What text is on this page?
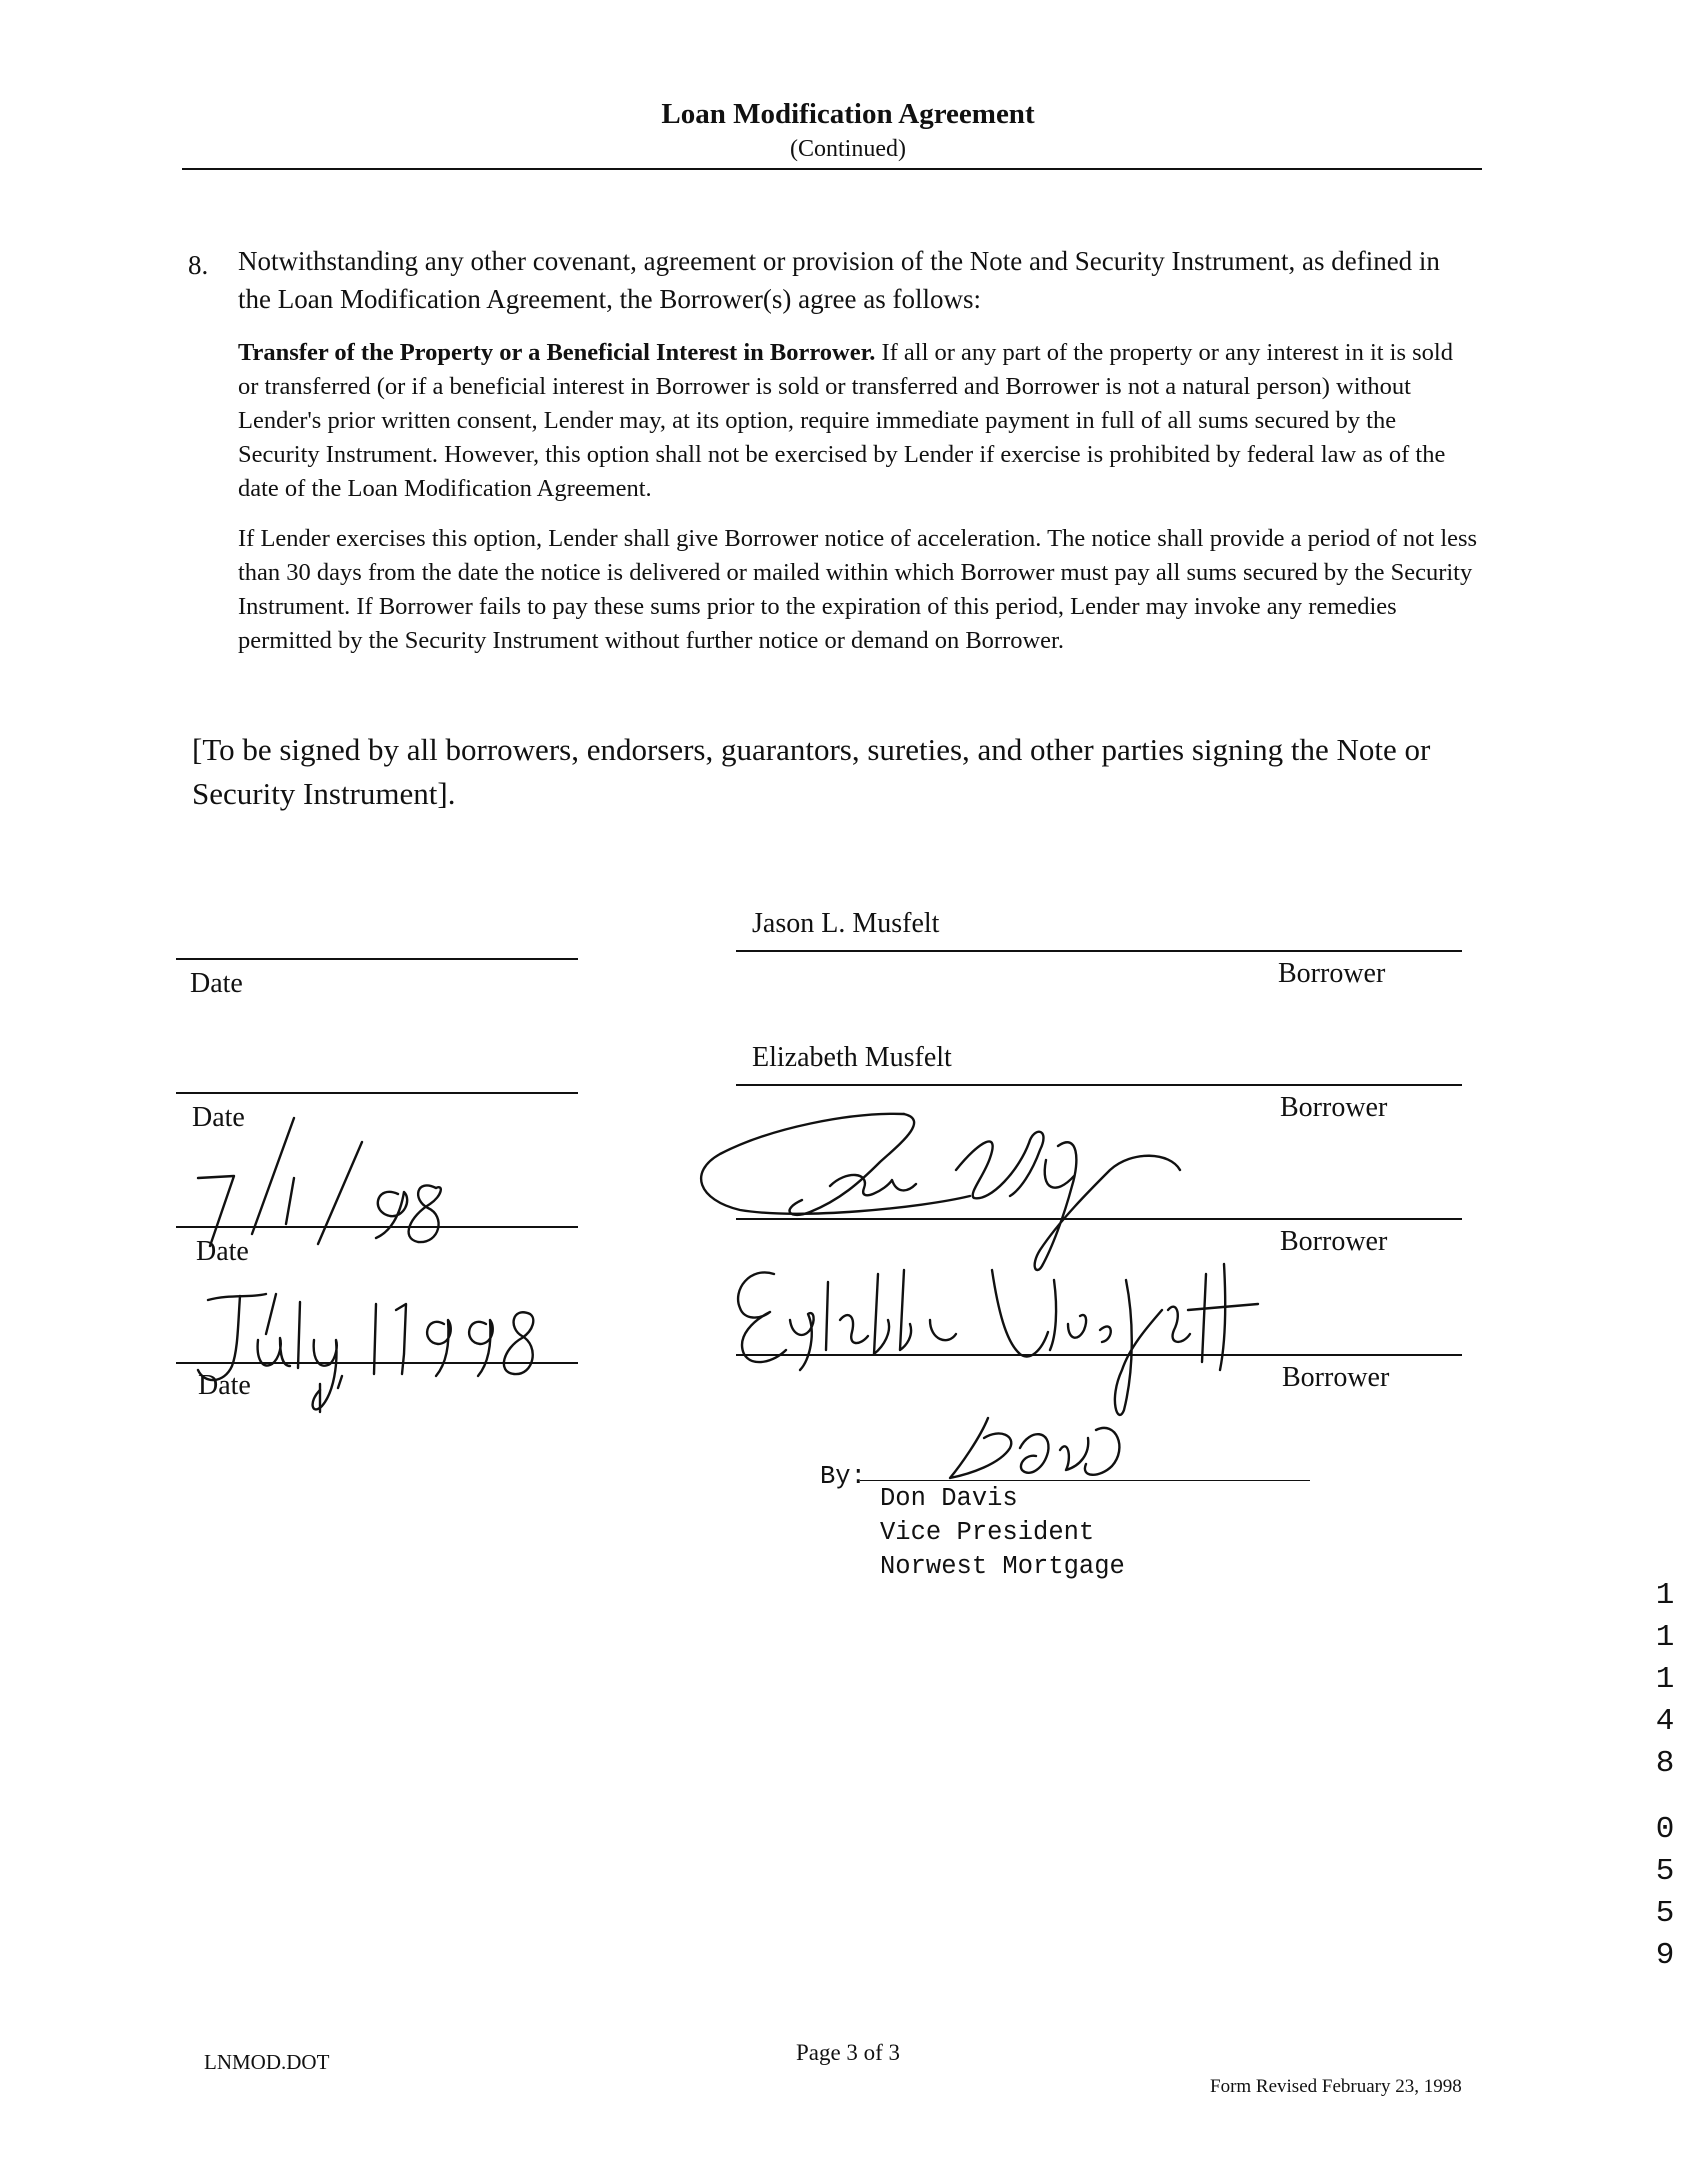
Loan Modification Agreement
(Continued)
8. Notwithstanding any other covenant, agreement or provision of the Note and Security Instrument, as defined in the Loan Modification Agreement, the Borrower(s) agree as follows:
Transfer of the Property or a Beneficial Interest in Borrower. If all or any part of the property or any interest in it is sold or transferred (or if a beneficial interest in Borrower is sold or transferred and Borrower is not a natural person) without Lender's prior written consent, Lender may, at its option, require immediate payment in full of all sums secured by the Security Instrument. However, this option shall not be exercised by Lender if exercise is prohibited by federal law as of the date of the Loan Modification Agreement.
If Lender exercises this option, Lender shall give Borrower notice of acceleration. The notice shall provide a period of not less than 30 days from the date the notice is delivered or mailed within which Borrower must pay all sums secured by the Security Instrument. If Borrower fails to pay these sums prior to the expiration of this period, Lender may invoke any remedies permitted by the Security Instrument without further notice or demand on Borrower.
[To be signed by all borrowers, endorsers, guarantors, sureties, and other parties signing the Note or Security Instrument].
Jason L. Musfelt
Elizabeth Musfelt
Date
Date
Date
Date
Borrower
Borrower
Borrower
Borrower
By:
Don Davis
Vice President
Norwest Mortgage
1
1
1
4
8
0
5
5
9
LNMOD.DOT	Page 3 of 3
Form Revised February 23, 1998
